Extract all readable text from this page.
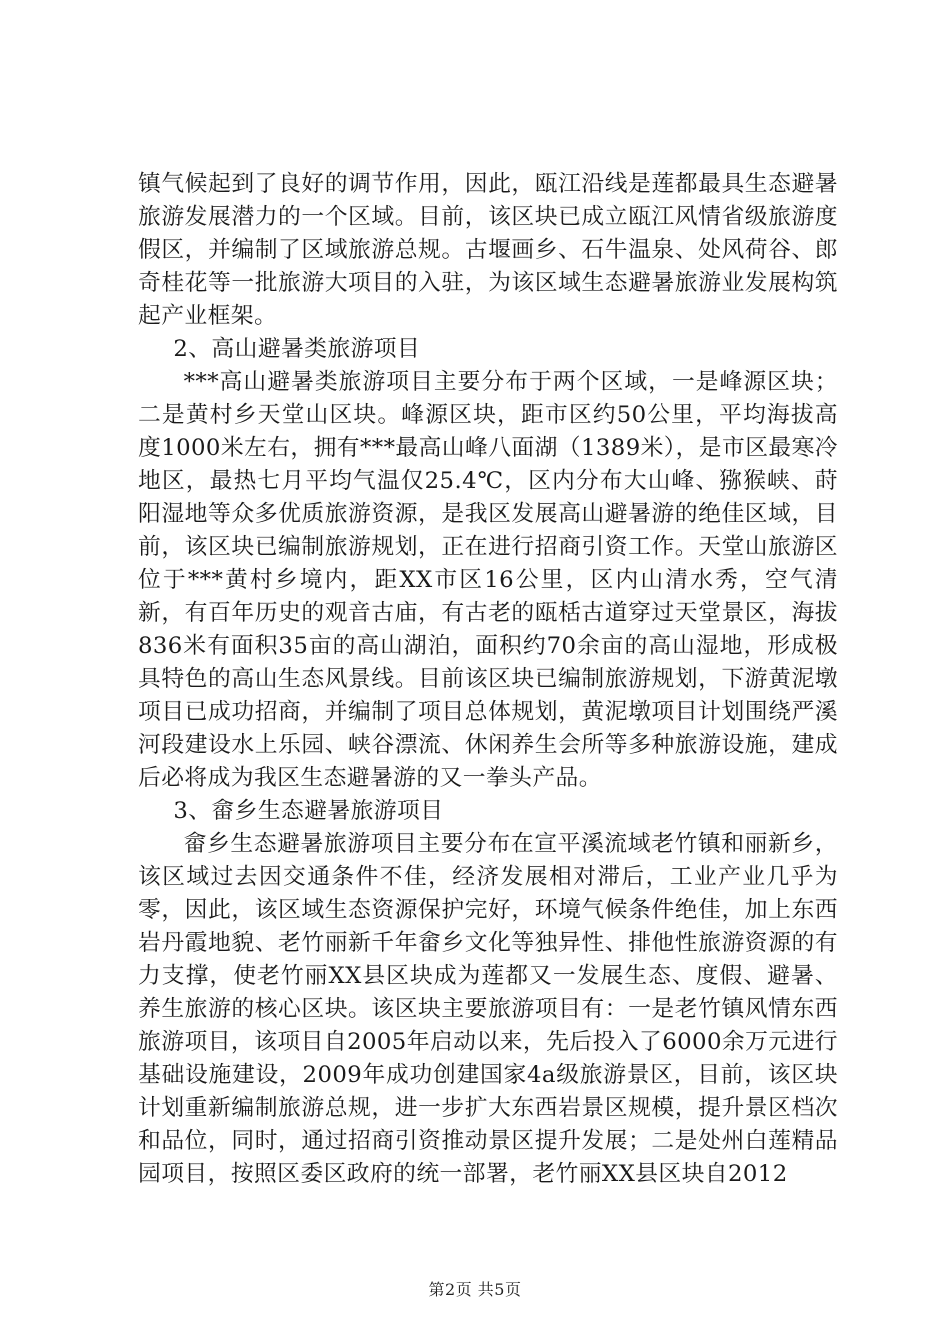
镇气候起到了良好的调节作用，因此，瓯江沿线是莲都最具生态避暑旅游发展潜力的一个区域。目前，该区块已成立瓯江风情省级旅游度假区，并编制了区域旅游总规。古堰画乡、石牛温泉、处风荷谷、郎奇桂花等一批旅游大项目的入驻，为该区域生态避暑旅游业发展构筑起产业框架。

2、高山避暑类旅游项目

***高山避暑类旅游项目主要分布于两个区域，一是峰源区块；二是黄村乡天堂山区块。峰源区块，距市区约50公里，平均海拔高度1000米左右，拥有***最高山峰八面湖（1389米），是市区最寒冷地区，最热七月平均气温仅25.4℃，区内分布大山峰、猕猴峡、莳阳湿地等众多优质旅游资源，是我区发展高山避暑游的绝佳区域，目前，该区块已编制旅游规划，正在进行招商引资工作。天堂山旅游区位于***黄村乡境内，距XX市区16公里，区内山清水秀，空气清新，有百年历史的观音古庙，有古老的瓯栝古道穿过天堂景区，海拔836米有面积35亩的高山湖泊，面积约70余亩的高山湿地，形成极具特色的高山生态风景线。目前该区块已编制旅游规划，下游黄泥墩项目已成功招商，并编制了项目总体规划，黄泥墩项目计划围绕严溪河段建设水上乐园、峡谷漂流、休闲养生会所等多种旅游设施，建成后必将成为我区生态避暑游的又一拳头产品。

3、畲乡生态避暑旅游项目

畲乡生态避暑旅游项目主要分布在宣平溪流域老竹镇和丽新乡，该区域过去因交通条件不佳，经济发展相对滞后，工业产业几乎为零，因此，该区域生态资源保护完好，环境气候条件绝佳，加上东西岩丹霞地貌、老竹丽新千年畲乡文化等独异性、排他性旅游资源的有力支撑，使老竹丽XX县区块成为莲都又一发展生态、度假、避暑、养生旅游的核心区块。该区块主要旅游项目有：一是老竹镇风情东西旅游项目，该项目自2005年启动以来，先后投入了6000余万元进行基础设施建设，2009年成功创建国家4a级旅游景区，目前，该区块计划重新编制旅游总规，进一步扩大东西岩景区规模，提升景区档次和品位，同时，通过招商引资推动景区提升发展；二是处州白莲精品园项目，按照区委区政府的统一部署，老竹丽XX县区块自2012

第2页 共5页
